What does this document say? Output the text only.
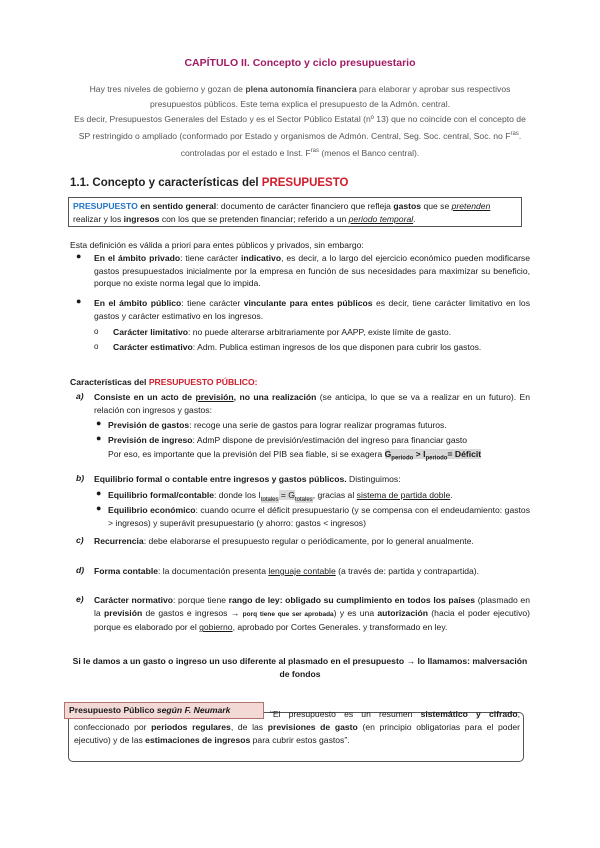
CAPÍTULO II. Concepto y ciclo presupuestario
Hay tres niveles de gobierno y gozan de plena autonomía financiera para elaborar y aprobar sus respectivos presupuestos públicos. Este tema explica el presupuesto de la Admón. central.
Es decir, Presupuestos Generales del Estado y es el Sector Público Estatal (nº 13) que no coincide con el concepto de SP restringido o ampliado (conformado por Estado y organismos de Admón. Central, Seg. Soc. central, Soc. no $F^{ras}$. controladas por el estado e Inst. $F^{ras}$ (menos el Banco central).
1.1. Concepto y características del PRESUPUESTO
PRESUPUESTO en sentido general: documento de carácter financiero que refleja gastos que se pretenden realizar y los ingresos con los que se pretenden financiar; referido a un periodo temporal.
Esta definición es válida a priori para entes públicos y privados, sin embargo:
● En el ámbito privado: tiene carácter indicativo, es decir, a lo largo del ejercicio económico pueden modificarse gastos presupuestados inicialmente por la empresa en función de sus necesidades para maximizar su beneficio, porque no existe norma legal que lo impida.
● En el ámbito público: tiene carácter vinculante para entes públicos es decir, tiene carácter limitativo en los gastos y carácter estimativo en los ingresos.
o Carácter limitativo: no puede alterarse arbitrariamente por AAPP, existe límite de gasto.
o Carácter estimativo: Adm. Publica estiman ingresos de los que disponen para cubrir los gastos.
Características del PRESUPUESTO PÚBLICO:
a) Consiste en un acto de previsión, no una realización (se anticipa, lo que se va a realizar en un futuro). En relación con ingresos y gastos:
● Previsión de gastos: recoge una serie de gastos para lograr realizar programas futuros.
● Previsión de ingreso: AdmP dispone de previsión/estimación del ingreso para financiar gasto
Por eso, es importante que la previsión del PIB sea fiable, si se exagera $G_{periodo} > I_{periodo}=$ Déficit
b) Equilibrio formal o contable entre ingresos y gastos públicos. Distinguimos:
● Equilibrio formal/contable: donde los $I_{totales} = G_{totales}$, gracias al sistema de partida doble.
● Equilibrio económico: cuando ocurre el déficit presupuestario (y se compensa con el endeudamiento: gastos > ingresos) y superávit presupuestario (y ahorro: gastos < ingresos)
c) Recurrencia: debe elaborarse el presupuesto regular o periódicamente, por lo general anualmente.
d) Forma contable: la documentación presenta lenguaje contable (a través de: partida y contrapartida).
e) Carácter normativo: porque tiene rango de ley: obligado su cumplimiento en todos los países (plasmado en la previsión de gastos e ingresos → porq tiene que ser aprobada) y es una autorización (hacia el poder ejecutivo) porque es elaborado por el gobierno, aprobado por Cortes Generales. y transformado en ley.
Si le damos a un gasto o ingreso un uso diferente al plasmado en el presupuesto → lo llamamos: malversación de fondos
Presupuesto Público según F. Neumark	“El presupuesto es un resumen sistemático y cifrado, confeccionado por periodos regulares, de las previsiones de gasto (en principio obligatorias para el poder ejecutivo) y de las estimaciones de ingresos para cubrir estos gastos”.
